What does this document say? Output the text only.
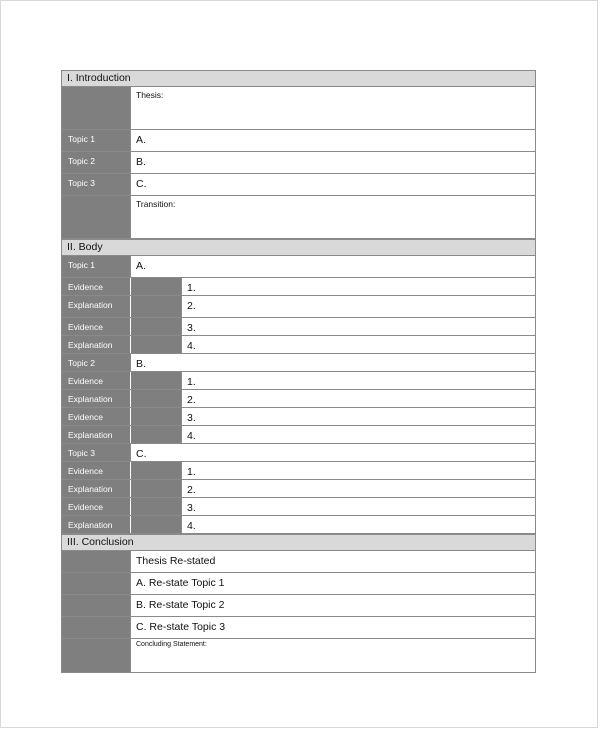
I. Introduction
Thesis:
Topic 1	A.
Topic 2	B.
Topic 3	C.
Transition:
II. Body
Topic 1	A.
Evidence	1.
Explanation	2.
Evidence	3.
Explanation	4.
Topic 2	B.
Evidence	1.
Explanation	2.
Evidence	3.
Explanation	4.
Topic 3	C.
Evidence	1.
Explanation	2.
Evidence	3.
Explanation	4.
III. Conclusion
Thesis Re-stated
A. Re-state Topic 1
B. Re-state Topic 2
C. Re-state Topic 3
Concluding Statement:
